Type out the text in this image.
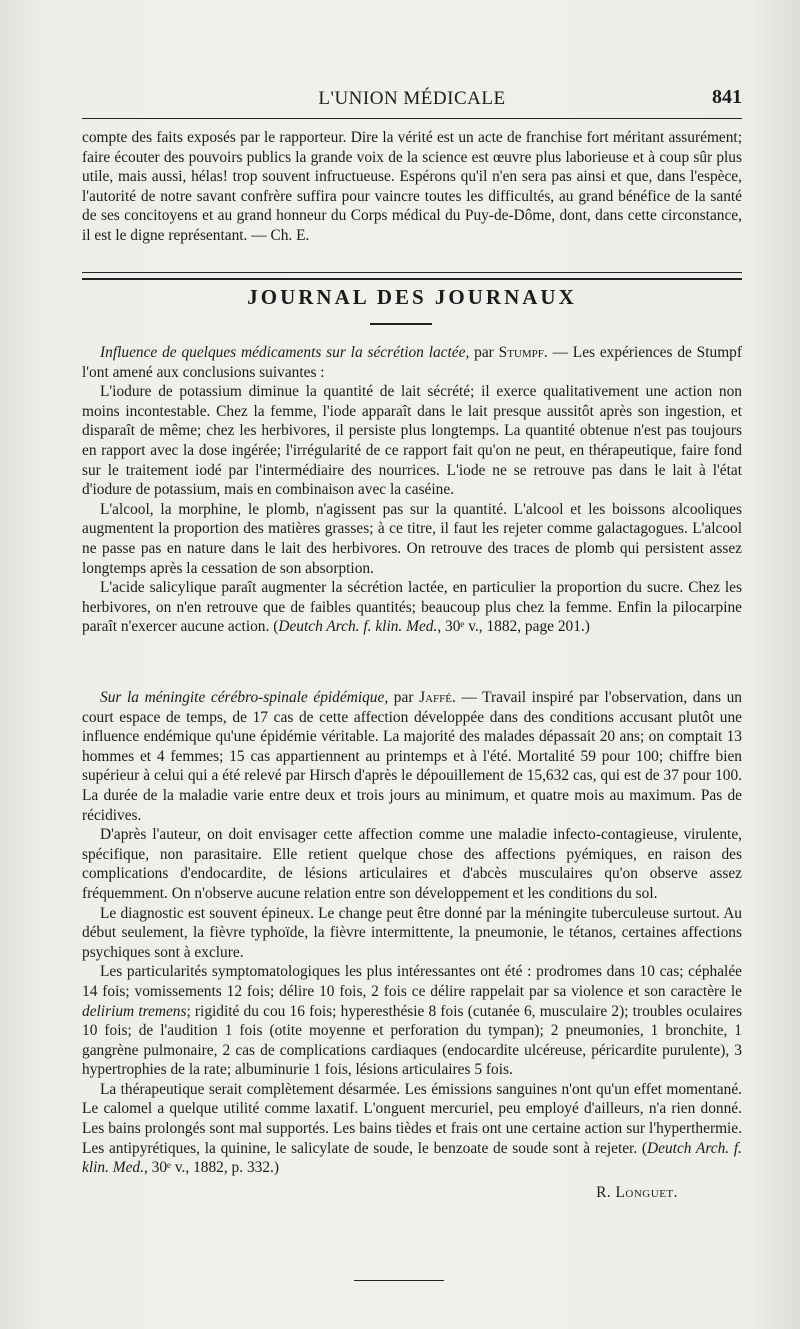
L'UNION MÉDICALE	841

compte des faits exposés par le rapporteur. Dire la vérité est un acte de franchise fort méritant assurément; faire écouter des pouvoirs publics la grande voix de la science est œuvre plus laborieuse et à coup sûr plus utile, mais aussi, hélas! trop souvent infructueuse. Espérons qu'il n'en sera pas ainsi et que, dans l'espèce, l'autorité de notre savant confrère suffira pour vaincre toutes les difficultés, au grand bénéfice de la santé de ses concitoyens et au grand honneur du Corps médical du Puy-de-Dôme, dont, dans cette circonstance, il est le digne représentant. — Ch. E.

JOURNAL DES JOURNAUX

Influence de quelques médicaments sur la sécrétion lactée, par Stumpf. — Les expériences de Stumpf l'ont amené aux conclusions suivantes :

L'iodure de potassium diminue la quantité de lait sécrété; il exerce qualitativement une action non moins incontestable. Chez la femme, l'iode apparaît dans le lait presque aussitôt après son ingestion, et disparaît de même; chez les herbivores, il persiste plus longtemps. La quantité obtenue n'est pas toujours en rapport avec la dose ingérée; l'irrégularité de ce rapport fait qu'on ne peut, en thérapeutique, faire fond sur le traitement iodé par l'intermédiaire des nourrices. L'iode ne se retrouve pas dans le lait à l'état d'iodure de potassium, mais en combinaison avec la caséine.

L'alcool, la morphine, le plomb, n'agissent pas sur la quantité. L'alcool et les boissons alcooliques augmentent la proportion des matières grasses; à ce titre, il faut les rejeter comme galactagogues. L'alcool ne passe pas en nature dans le lait des herbivores. On retrouve des traces de plomb qui persistent assez longtemps après la cessation de son absorption.

L'acide salicylique paraît augmenter la sécrétion lactée, en particulier la proportion du sucre. Chez les herbivores, on n'en retrouve que de faibles quantités; beaucoup plus chez la femme. Enfin la pilocarpine paraît n'exercer aucune action. (Deutch Arch. f. klin. Med., 30ᵉ v., 1882, page 201.)

Sur la méningite cérébro-spinale épidémique, par Jaffé. — Travail inspiré par l'observation, dans un court espace de temps, de 17 cas de cette affection développée dans des conditions accusant plutôt une influence endémique qu'une épidémie véritable. La majorité des malades dépassait 20 ans; on comptait 13 hommes et 4 femmes; 15 cas appartiennent au printemps et à l'été. Mortalité 59 pour 100; chiffre bien supérieur à celui qui a été relevé par Hirsch d'après le dépouillement de 15,632 cas, qui est de 37 pour 100. La durée de la maladie varie entre deux et trois jours au minimum, et quatre mois au maximum. Pas de récidives.

D'après l'auteur, on doit envisager cette affection comme une maladie infecto-contagieuse, virulente, spécifique, non parasitaire. Elle retient quelque chose des affections pyémiques, en raison des complications d'endocardite, de lésions articulaires et d'abcès musculaires qu'on observe assez fréquemment. On n'observe aucune relation entre son développement et les conditions du sol.

Le diagnostic est souvent épineux. Le change peut être donné par la méningite tuberculeuse surtout. Au début seulement, la fièvre typhoïde, la fièvre intermittente, la pneumonie, le tétanos, certaines affections psychiques sont à exclure.

Les particularités symptomatologiques les plus intéressantes ont été : prodromes dans 10 cas; céphalée 14 fois; vomissements 12 fois; délire 10 fois, 2 fois ce délire rappelait par sa violence et son caractère le delirium tremens; rigidité du cou 16 fois; hyperesthésie 8 fois (cutanée 6, musculaire 2); troubles oculaires 10 fois; de l'audition 1 fois (otite moyenne et perforation du tympan); 2 pneumonies, 1 bronchite, 1 gangrène pulmonaire, 2 cas de complications cardiaques (endocardite ulcéreuse, péricardite purulente), 3 hypertrophies de la rate; albuminurie 1 fois, lésions articulaires 5 fois.

La thérapeutique serait complètement désarmée. Les émissions sanguines n'ont qu'un effet momentané. Le calomel a quelque utilité comme laxatif. L'onguent mercuriel, peu employé d'ailleurs, n'a rien donné. Les bains prolongés sont mal supportés. Les bains tièdes et frais ont une certaine action sur l'hyperthermie. Les antipyrétiques, la quinine, le salicylate de soude, le benzoate de soude sont à rejeter. (Deutch Arch. f. klin. Med., 30ᵉ v., 1882, p. 332.)

R. Longuet.
